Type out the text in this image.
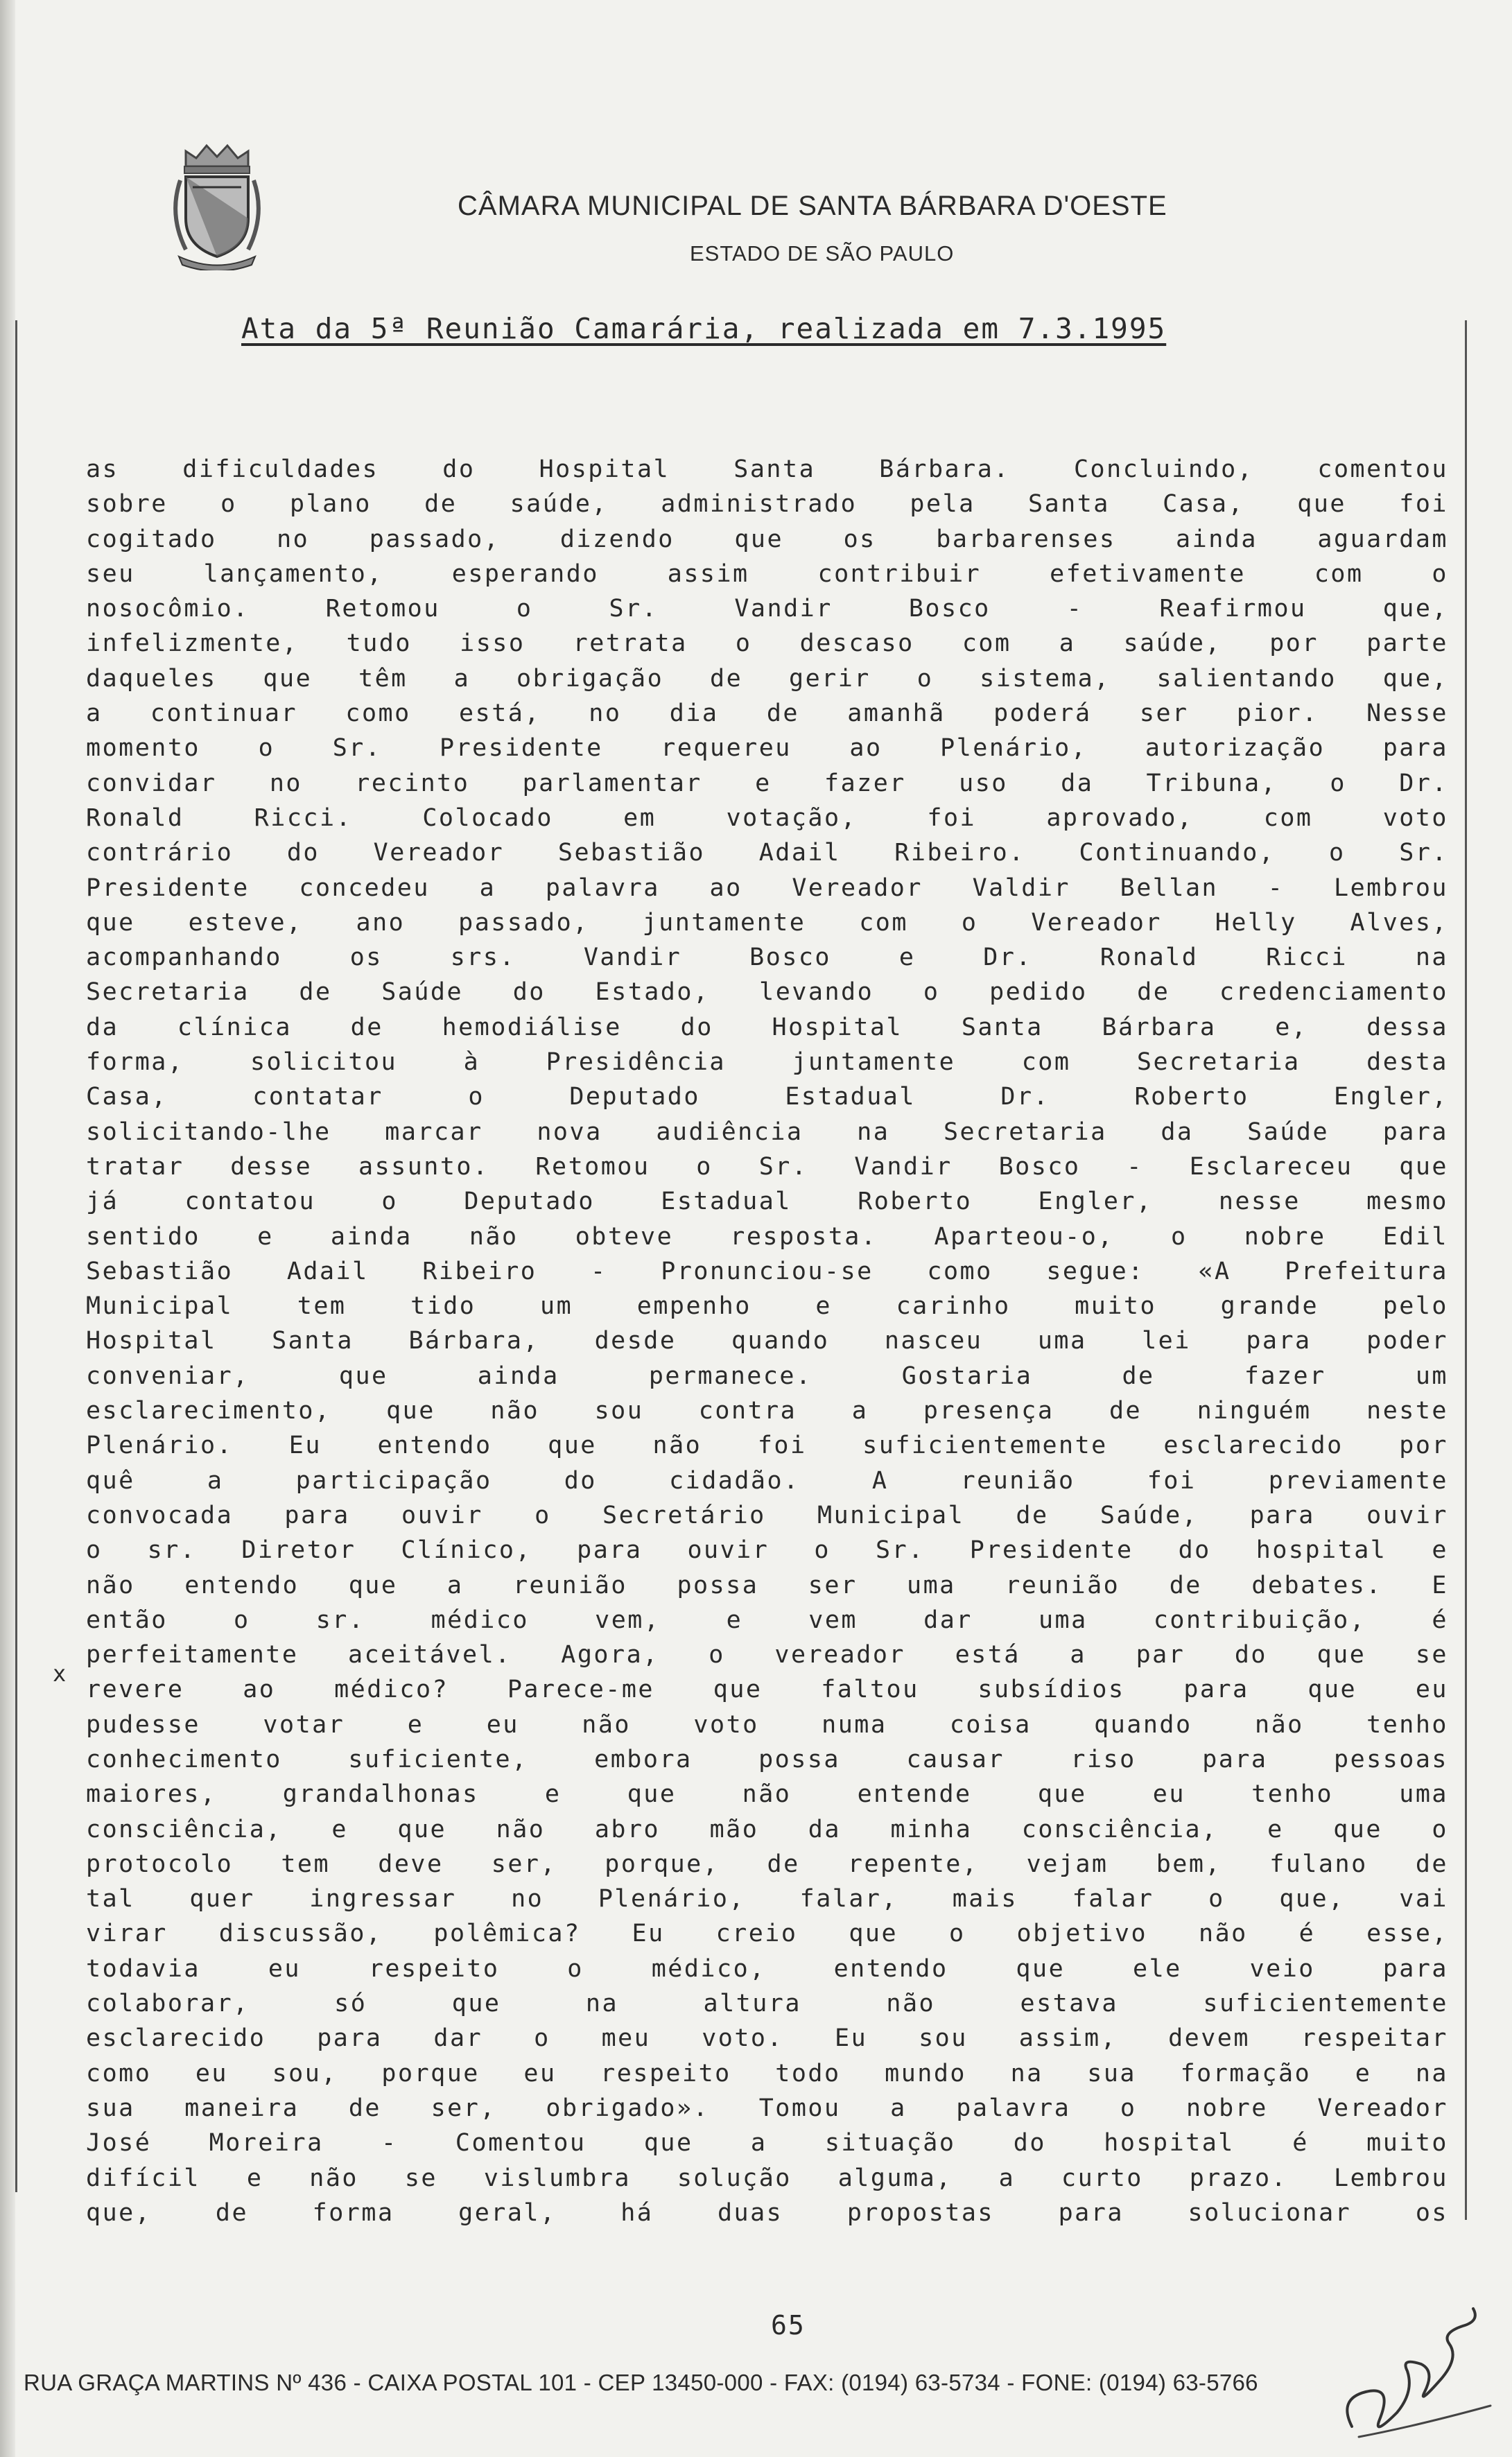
CÂMARA MUNICIPAL DE SANTA BÁRBARA D'OESTE
ESTADO DE SÃO PAULO
Ata da 5ª Reunião Camarária, realizada em 7.3.1995
as dificuldades do Hospital Santa Bárbara. Concluindo, comentou
sobre o plano de saúde, administrado pela Santa Casa, que foi
cogitado no passado, dizendo que os barbarenses ainda aguardam
seu lançamento, esperando assim contribuir efetivamente com o
nosocômio. Retomou o Sr. Vandir Bosco - Reafirmou que,
infelizmente, tudo isso retrata o descaso com a saúde, por parte
daqueles que têm a obrigação de gerir o sistema, salientando que,
a continuar como está, no dia de amanhã poderá ser pior. Nesse
momento o Sr. Presidente requereu ao Plenário, autorização para
convidar no recinto parlamentar e fazer uso da Tribuna, o Dr.
Ronald Ricci. Colocado em votação, foi aprovado, com voto
contrário do Vereador Sebastião Adail Ribeiro. Continuando, o Sr.
Presidente concedeu a palavra ao Vereador Valdir Bellan - Lembrou
que esteve, ano passado, juntamente com o Vereador Helly Alves,
acompanhando os srs. Vandir Bosco e Dr. Ronald Ricci na
Secretaria de Saúde do Estado, levando o pedido de credenciamento
da clínica de hemodiálise do Hospital Santa Bárbara e, dessa
forma, solicitou à Presidência juntamente com Secretaria desta
Casa, contatar o Deputado Estadual Dr. Roberto Engler,
solicitando-lhe marcar nova audiência na Secretaria da Saúde para
tratar desse assunto. Retomou o Sr. Vandir Bosco - Esclareceu que
já contatou o Deputado Estadual Roberto Engler, nesse mesmo
sentido e ainda não obteve resposta. Aparteou-o, o nobre Edil
Sebastião Adail Ribeiro - Pronunciou-se como segue: «A Prefeitura
Municipal tem tido um empenho e carinho muito grande pelo
Hospital Santa Bárbara, desde quando nasceu uma lei para poder
conveniar, que ainda permanece. Gostaria de fazer um
esclarecimento, que não sou contra a presença de ninguém neste
Plenário. Eu entendo que não foi suficientemente esclarecido por
quê a participação do cidadão. A reunião foi previamente
convocada para ouvir o Secretário Municipal de Saúde, para ouvir
o sr. Diretor Clínico, para ouvir o Sr. Presidente do hospital e
não entendo que a reunião possa ser uma reunião de debates. E
então o sr. médico vem, e vem dar uma contribuição, é
perfeitamente aceitável. Agora, o vereador está a par do que se
revere ao médico? Parece-me que faltou subsídios para que eu
pudesse votar e eu não voto numa coisa quando não tenho
conhecimento suficiente, embora possa causar riso para pessoas
maiores, grandalhonas e que não entende que eu tenho uma
consciência, e que não abro mão da minha consciência, e que o
protocolo tem deve ser, porque, de repente, vejam bem, fulano de
tal quer ingressar no Plenário, falar, mais falar o que, vai
virar discussão, polêmica? Eu creio que o objetivo não é esse,
todavia eu respeito o médico, entendo que ele veio para
colaborar, só que na altura não estava suficientemente
esclarecido para dar o meu voto. Eu sou assim, devem respeitar
como eu sou, porque eu respeito todo mundo na sua formação e na
sua maneira de ser, obrigado». Tomou a palavra o nobre Vereador
José Moreira - Comentou que a situação do hospital é muito
difícil e não se vislumbra solução alguma, a curto prazo. Lembrou
que, de forma geral, há duas propostas para solucionar os
x
65
RUA GRAÇA MARTINS Nº 436 - CAIXA POSTAL 101 - CEP 13450-000 - FAX: (0194) 63-5734 - FONE: (0194) 63-5766
